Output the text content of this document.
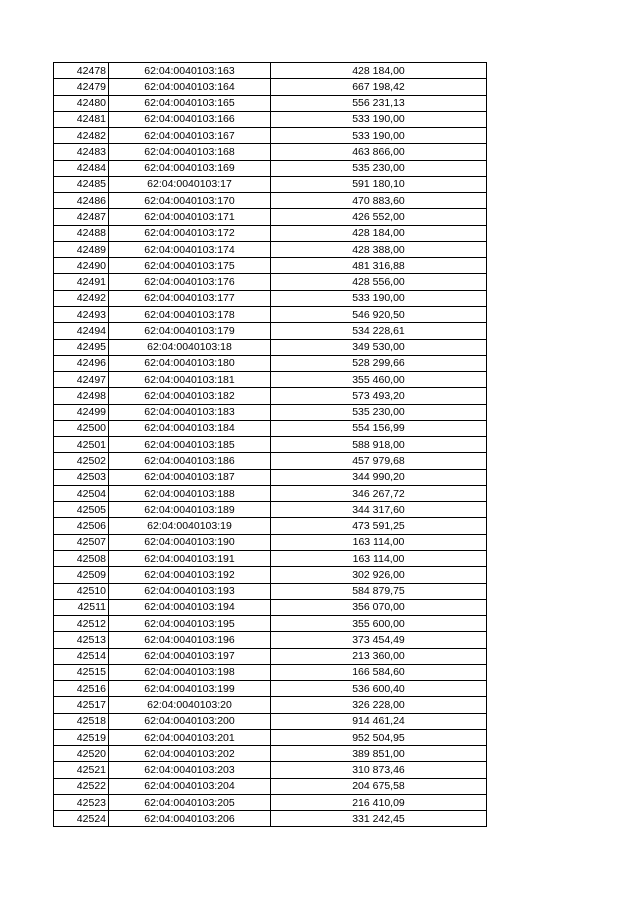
42478	62:04:0040103:163	428 184,00
42479	62:04:0040103:164	667 198,42
42480	62:04:0040103:165	556 231,13
42481	62:04:0040103:166	533 190,00
42482	62:04:0040103:167	533 190,00
42483	62:04:0040103:168	463 866,00
42484	62:04:0040103:169	535 230,00
42485	62:04:0040103:17	591 180,10
42486	62:04:0040103:170	470 883,60
42487	62:04:0040103:171	426 552,00
42488	62:04:0040103:172	428 184,00
42489	62:04:0040103:174	428 388,00
42490	62:04:0040103:175	481 316,88
42491	62:04:0040103:176	428 556,00
42492	62:04:0040103:177	533 190,00
42493	62:04:0040103:178	546 920,50
42494	62:04:0040103:179	534 228,61
42495	62:04:0040103:18	349 530,00
42496	62:04:0040103:180	528 299,66
42497	62:04:0040103:181	355 460,00
42498	62:04:0040103:182	573 493,20
42499	62:04:0040103:183	535 230,00
42500	62:04:0040103:184	554 156,99
42501	62:04:0040103:185	588 918,00
42502	62:04:0040103:186	457 979,68
42503	62:04:0040103:187	344 990,20
42504	62:04:0040103:188	346 267,72
42505	62:04:0040103:189	344 317,60
42506	62:04:0040103:19	473 591,25
42507	62:04:0040103:190	163 114,00
42508	62:04:0040103:191	163 114,00
42509	62:04:0040103:192	302 926,00
42510	62:04:0040103:193	584 879,75
42511	62:04:0040103:194	356 070,00
42512	62:04:0040103:195	355 600,00
42513	62:04:0040103:196	373 454,49
42514	62:04:0040103:197	213 360,00
42515	62:04:0040103:198	166 584,60
42516	62:04:0040103:199	536 600,40
42517	62:04:0040103:20	326 228,00
42518	62:04:0040103:200	914 461,24
42519	62:04:0040103:201	952 504,95
42520	62:04:0040103:202	389 851,00
42521	62:04:0040103:203	310 873,46
42522	62:04:0040103:204	204 675,58
42523	62:04:0040103:205	216 410,09
42524	62:04:0040103:206	331 242,45
